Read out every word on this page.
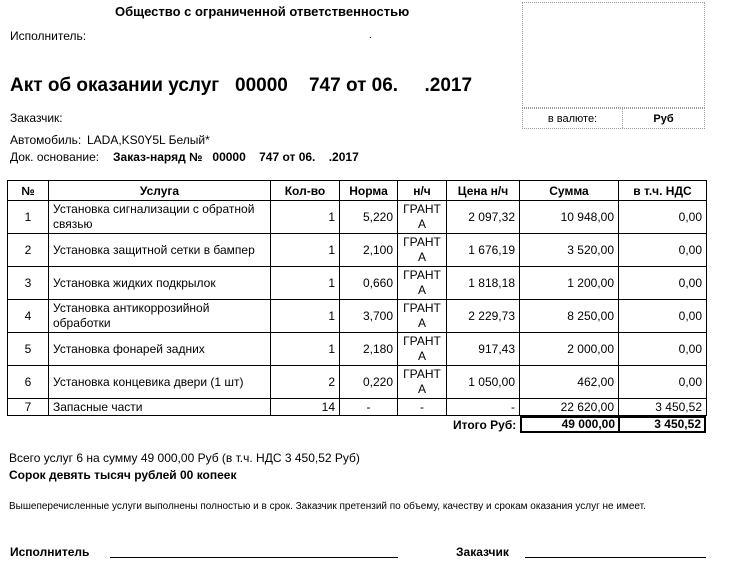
Общество с ограниченной ответственностью
Исполнитель:	.
в валюте:	Руб
Акт об оказании услуг   00000    747 от 06.     .2017
Заказчик:
Автомобиль: LADA,KS0Y5L Белый*
Док. основание: Заказ-наряд №   00000    747 от 06.    .2017
№	Услуга	Кол-во	Норма	н/ч	Цена н/ч	Сумма	в т.ч. НДС
1	Установка сигнализации с обратной связью	1	5,220	ГРАНТ А	2 097,32	10 948,00	0,00
2	Установка защитной сетки в бампер	1	2,100	ГРАНТ А	1 676,19	3 520,00	0,00
3	Установка жидких подкрылок	1	0,660	ГРАНТ А	1 818,18	1 200,00	0,00
4	Установка антикоррозийной обработки	1	3,700	ГРАНТ А	2 229,73	8 250,00	0,00
5	Установка фонарей задних	1	2,180	ГРАНТ А	917,43	2 000,00	0,00
6	Установка концевика двери (1 шт)	2	0,220	ГРАНТ А	1 050,00	462,00	0,00
7	Запасные части	14	-	-	-	22 620,00	3 450,52
Итого Руб:	49 000,00	3 450,52
Всего услуг 6 на сумму 49 000,00 Руб (в т.ч. НДС 3 450,52 Руб)
Сорок девять тысяч рублей 00 копеек
Вышеперечисленные услуги выполнены полностью и в срок. Заказчик претензий по объему, качеству и срокам оказания услуг не имеет.
Исполнитель	Заказчик
